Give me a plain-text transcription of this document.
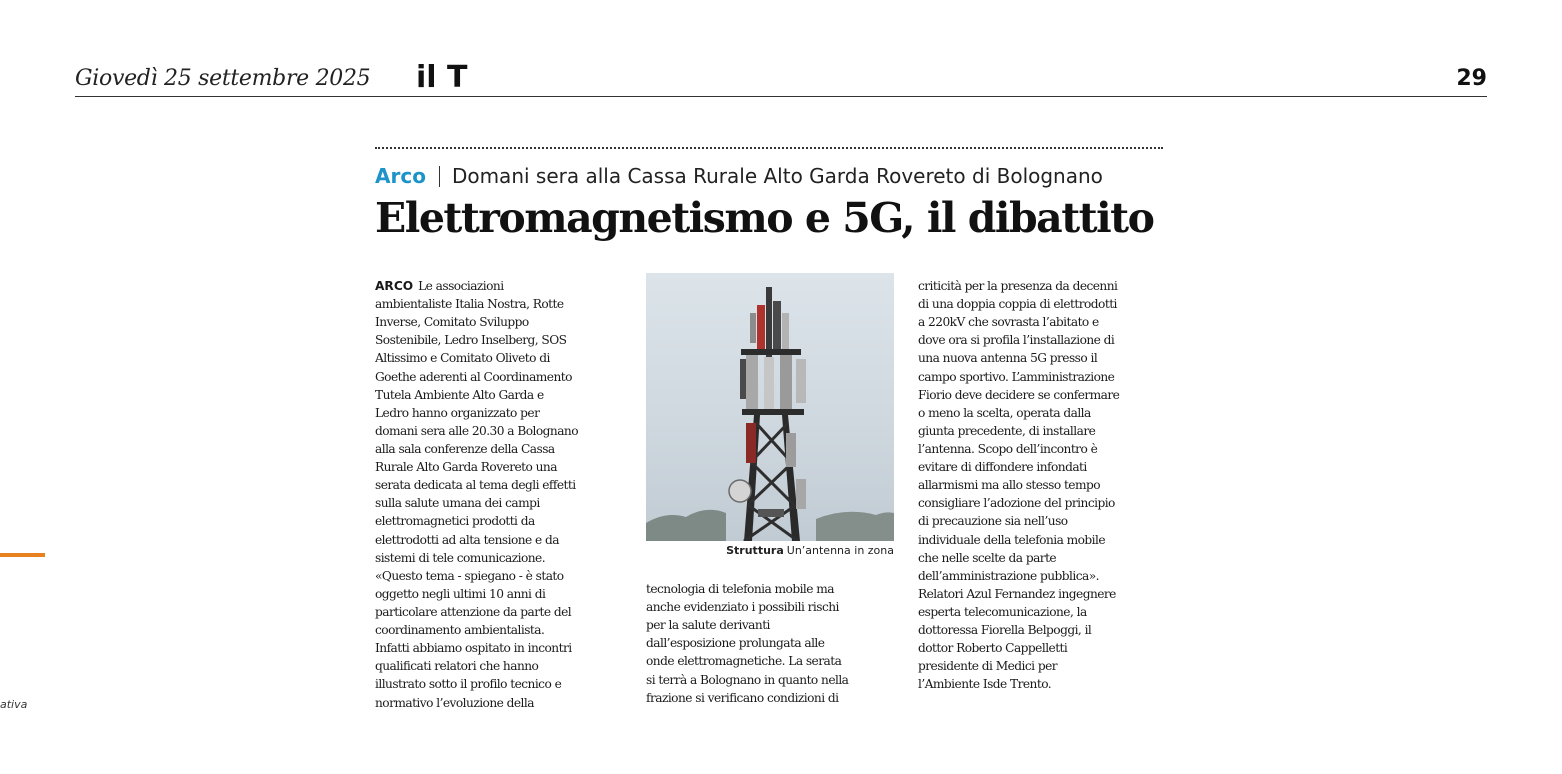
Giovedì 25 settembre 2025 il T	29
Arco Domani sera alla Cassa Rurale Alto Garda Rovereto di Bolognano
Elettromagnetismo e 5G, il dibattito
ARCO Le associazioni
ambientaliste Italia Nostra, Rotte
Inverse, Comitato Sviluppo
Sostenibile, Ledro Inselberg, SOS
Altissimo e Comitato Oliveto di
Goethe aderenti al Coordinamento
Tutela Ambiente Alto Garda e
Ledro hanno organizzato per
domani sera alle 20.30 a Bolognano
alla sala conferenze della Cassa
Rurale Alto Garda Rovereto una
serata dedicata al tema degli effetti
sulla salute umana dei campi
elettromagnetici prodotti da
elettrodotti ad alta tensione e da
sistemi di tele comunicazione.
«Questo tema - spiegano - è stato
oggetto negli ultimi 10 anni di
particolare attenzione da parte del
coordinamento ambientalista.
Infatti abbiamo ospitato in incontri
qualificati relatori che hanno
illustrato sotto il profilo tecnico e
normativo l’evoluzione della
Struttura Un’antenna in zona
tecnologia di telefonia mobile ma
anche evidenziato i possibili rischi
per la salute derivanti
dall’esposizione prolungata alle
onde elettromagnetiche. La serata
si terrà a Bolognano in quanto nella
frazione si verificano condizioni di
criticità per la presenza da decenni
di una doppia coppia di elettrodotti
a 220kV che sovrasta l’abitato e
dove ora si profila l’installazione di
una nuova antenna 5G presso il
campo sportivo. L’amministrazione
Fiorio deve decidere se confermare
o meno la scelta, operata dalla
giunta precedente, di installare
l’antenna. Scopo dell’incontro è
evitare di diffondere infondati
allarmismi ma allo stesso tempo
consigliare l’adozione del principio
di precauzione sia nell’uso
individuale della telefonia mobile
che nelle scelte da parte
dell’amministrazione pubblica».
Relatori Azul Fernandez ingegnere
esperta telecomunicazione, la
dottoressa Fiorella Belpoggi, il
dottor Roberto Cappelletti
presidente di Medici per
l’Ambiente Isde Trento.
ativa
